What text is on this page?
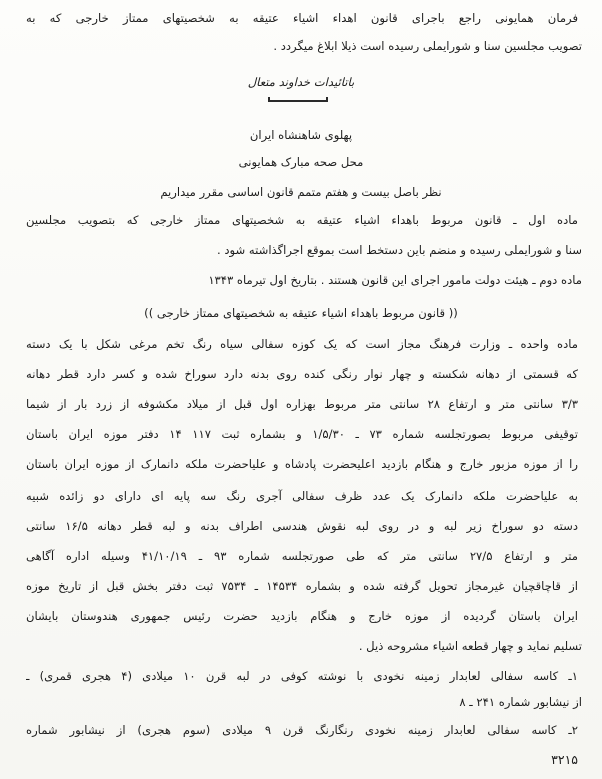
فرمان همایونی راجع باجرای قانون اهداء اشیاء عتیقه به شخصیتهای ممتاز خارجی که به
تصویب مجلسین سنا و شورایملی رسیده است ذیلا ابلاغ میگردد .
باتائیدات خداوند متعال
پهلوی شاهنشاه ایران
محل صحه مبارک همایونی
نظر باصل بیست و هفتم متمم قانون اساسی مقرر میداریم
ماده اول ـ قانون مربوط باهداء اشیاء عتیقه به شخصیتهای ممتاز خارجی که بتصویب مجلسین
سنا و شورایملی رسیده و منضم باین دستخط است بموقع اجراگذاشته شود .
ماده دوم ـ هیئت دولت مامور اجرای این قانون هستند . بتاریخ اول تیرماه ۱۳۴۳
(( قانون مربوط باهداء اشیاء عتیقه به شخصیتهای ممتاز خارجی ))
ماده واحده ـ وزارت فرهنگ مجاز است که یک کوزه سفالی سیاه رنگ تخم مرغی شکل با یک دسته
که قسمتی از دهانه شکسته و چهار نوار رنگی کنده روی بدنه دارد سوراخ شده و کسر دارد قطر دهانه
۳/۳ سانتی متر و ارتفاع ۲۸ سانتی متر مربوط بهزاره اول قبل از میلاد مکشوفه از زرد بار از شیما
توقیفی مربوط بصورتجلسه شماره ۷۳ ـ ۱/۵/۳۰ و بشماره ثبت ۱۱۷ ۱۴ دفتر موزه ایران باستان
را از موزه مزبور خارج و هنگام بازدید اعلیحضرت پادشاه و علیاحضرت ملکه دانمارک از موزه ایران باستان
به علیاحضرت ملکه دانمارک یک عدد ظرف سفالی آجری رنگ سه پایه ای دارای دو زائده شبیه
دسته دو سوراخ زیر لبه و در روی لبه نقوش هندسی اطراف بدنه و لبه قطر دهانه ۱۶/۵ سانتی
متر و ارتفاع ۲۷/۵ سانتی متر که طی صورتجلسه شماره ۹۳ ـ ۴۱/۱۰/۱۹ وسیله اداره آگاهی
از قاچاقچیان غیرمجاز تحویل گرفته شده و بشماره ۱۴۵۳۴ ـ ۷۵۳۴ ثبت دفتر بخش قبل از تاریخ موزه
ایران باستان گردیده از موزه خارج و هنگام بازدید حضرت رئیس جمهوری هندوستان بایشان
تسلیم نماید و چهار قطعه اشیاء مشروحه ذیل .
۱ـ کاسه سفالی لعابدار زمینه نخودی با نوشته کوفی در لبه قرن ۱۰ میلادی (۴ هجری قمری) ـ
از نیشابور شماره ۲۴۱ ـ ۸
۲ـ کاسه سفالی لعابدار زمینه نخودی رنگارنگ قرن ۹ میلادی (سوم هجری) از نیشابور شماره
۳۲۱۵
